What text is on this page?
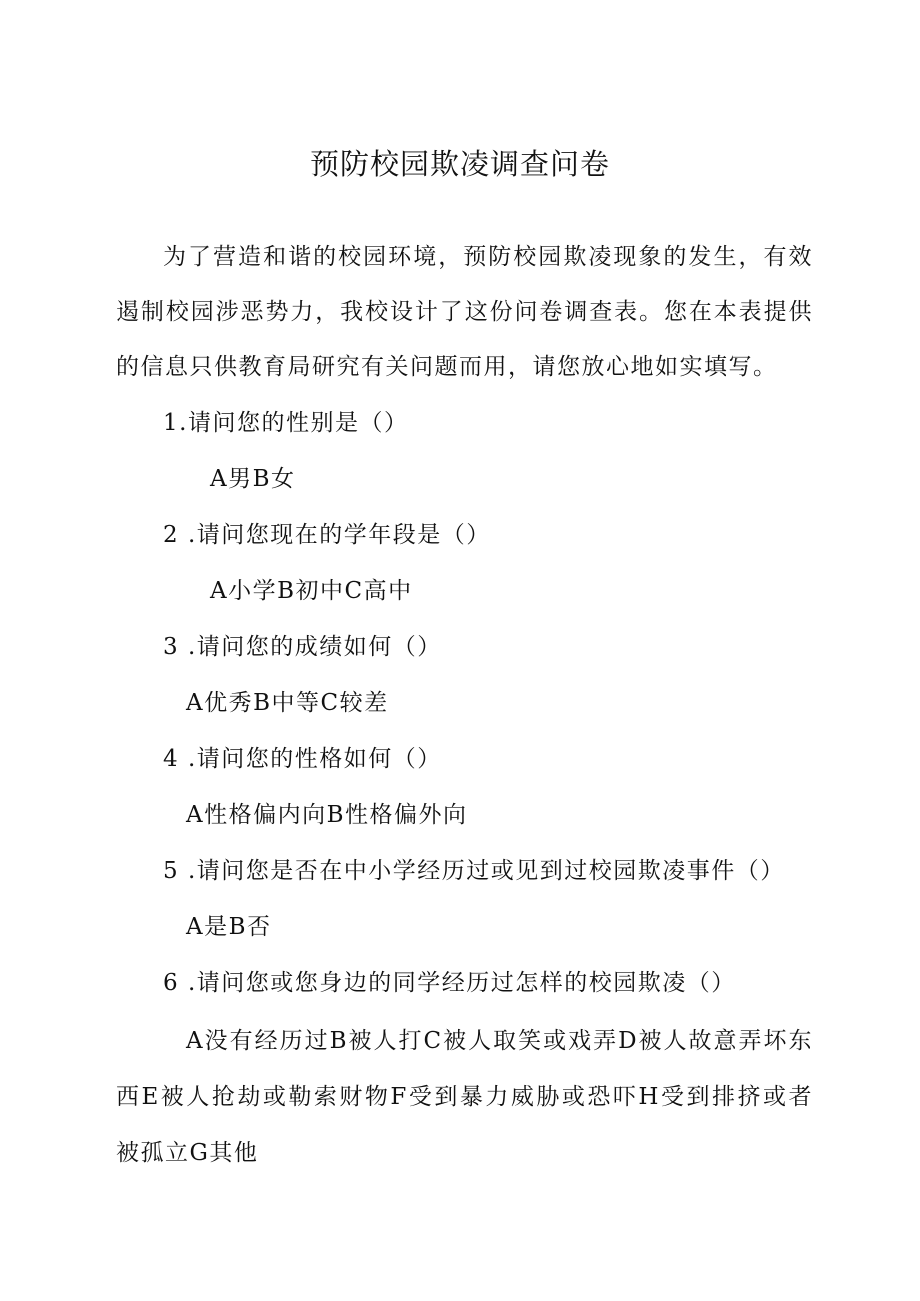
预防校园欺凌调查问卷
为了营造和谐的校园环境，预防校园欺凌现象的发生，有效
遏制校园涉恶势力，我校设计了这份问卷调查表。您在本表提供
的信息只供教育局研究有关问题而用，请您放心地如实填写。
1.请问您的性别是（）
A男B女
2 .请问您现在的学年段是（）
A小学B初中C高中
3 .请问您的成绩如何（）
A优秀B中等C较差
4 .请问您的性格如何（）
A性格偏内向B性格偏外向
5 .请问您是否在中小学经历过或见到过校园欺凌事件（）
A是B否
6 .请问您或您身边的同学经历过怎样的校园欺凌（）
A没有经历过B被人打C被人取笑或戏弄D被人故意弄坏东
西E被人抢劫或勒索财物F受到暴力威胁或恐吓H受到排挤或者
被孤立G其他
